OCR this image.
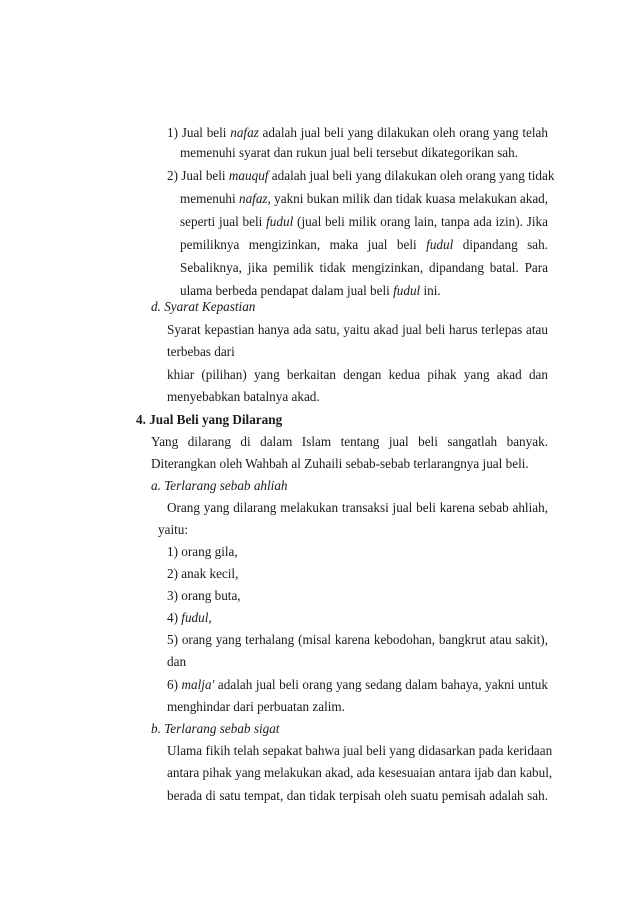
1) Jual beli nafaz adalah jual beli yang dilakukan oleh orang yang telah
memenuhi syarat dan rukun jual beli tersebut dikategorikan sah.
2) Jual beli mauquf adalah jual beli yang dilakukan oleh orang yang tidak
memenuhi nafaz, yakni bukan milik dan tidak kuasa melakukan akad,
seperti jual beli fudul (jual beli milik orang lain, tanpa ada izin). Jika
pemiliknya mengizinkan, maka jual beli fudul dipandang sah.
Sebaliknya, jika pemilik tidak mengizinkan, dipandang batal. Para
ulama berbeda pendapat dalam jual beli fudul ini.
d. Syarat Kepastian
Syarat kepastian hanya ada satu, yaitu akad jual beli harus terlepas atau
terbebas dari
khiar (pilihan) yang berkaitan dengan kedua pihak yang akad dan
menyebabkan batalnya akad.
4. Jual Beli yang Dilarang
Yang dilarang di dalam Islam tentang jual beli sangatlah banyak.
Diterangkan oleh Wahbah al Zuhaili sebab-sebab terlarangnya jual beli.
a. Terlarang sebab ahliah
Orang yang dilarang melakukan transaksi jual beli karena sebab ahliah,
yaitu:
1) orang gila,
2) anak kecil,
3) orang buta,
4) fudul,
5) orang yang terhalang (misal karena kebodohan, bangkrut atau sakit),
dan
6) malja' adalah jual beli orang yang sedang dalam bahaya, yakni untuk
menghindar dari perbuatan zalim.
b. Terlarang sebab sigat
Ulama fikih telah sepakat bahwa jual beli yang didasarkan pada keridaan
antara pihak yang melakukan akad, ada kesesuaian antara ijab dan kabul,
berada di satu tempat, dan tidak terpisah oleh suatu pemisah adalah sah.
